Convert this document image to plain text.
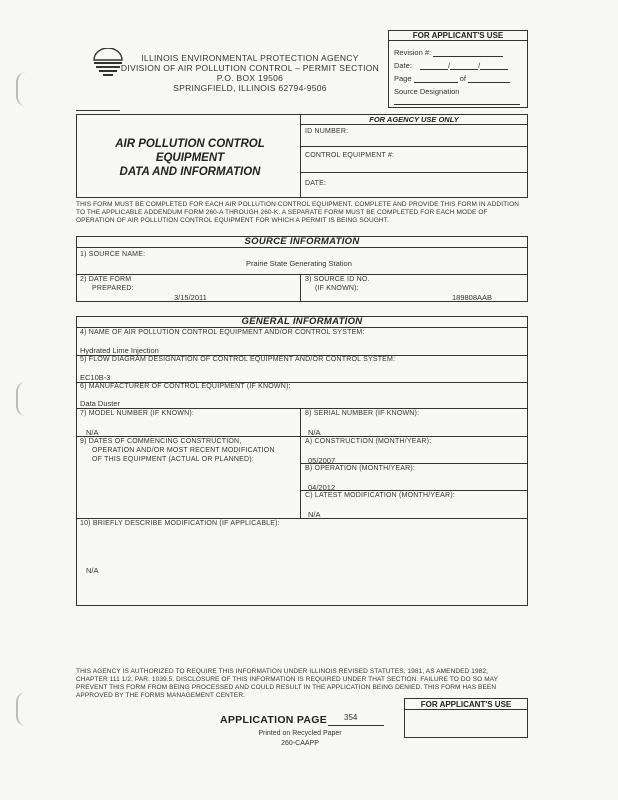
ILLINOIS ENVIRONMENTAL PROTECTION AGENCY
DIVISION OF AIR POLLUTION CONTROL – PERMIT SECTION
P.O. BOX 19506
SPRINGFIELD, ILLINOIS 62794-9506
FOR APPLICANT'S USE
Revision #:
Date:	/	/
Page	of
Source Designation
AIR POLLUTION CONTROL
EQUIPMENT
DATA AND INFORMATION
FOR AGENCY USE ONLY
ID NUMBER:
CONTROL EQUIPMENT #:
DATE:
THIS FORM MUST BE COMPLETED FOR EACH AIR POLLUTION CONTROL EQUIPMENT. COMPLETE AND PROVIDE THIS FORM IN ADDITION
TO THE APPLICABLE ADDENDUM FORM 260-A THROUGH 260-K. A SEPARATE FORM MUST BE COMPLETED FOR EACH MODE OF
OPERATION OF AIR POLLUTION CONTROL EQUIPMENT FOR WHICH A PERMIT IS BEING SOUGHT.
SOURCE INFORMATION
1) SOURCE NAME:
Prairie State Generating Station
2) DATE FORM
PREPARED:
3/15/2011
3) SOURCE ID NO.
(IF KNOWN):
189808AAB
GENERAL INFORMATION
4) NAME OF AIR POLLUTION CONTROL EQUIPMENT AND/OR CONTROL SYSTEM:
Hydrated Lime Injection
5) FLOW DIAGRAM DESIGNATION OF CONTROL EQUIPMENT AND/OR CONTROL SYSTEM:
EC10B-3
6) MANUFACTURER OF CONTROL EQUIPMENT (IF KNOWN):
Data Duster
7) MODEL NUMBER (IF KNOWN):
N/A
8) SERIAL NUMBER (IF KNOWN):
N/A
9) DATES OF COMMENCING CONSTRUCTION,
OPERATION AND/OR MOST RECENT MODIFICATION
OF THIS EQUIPMENT (ACTUAL OR PLANNED):
A) CONSTRUCTION (MONTH/YEAR):
05/2007
B) OPERATION (MONTH/YEAR):
04/2012
C) LATEST MODIFICATION (MONTH/YEAR):
N/A
10) BRIEFLY DESCRIBE MODIFICATION (IF APPLICABLE):
N/A
THIS AGENCY IS AUTHORIZED TO REQUIRE THIS INFORMATION UNDER ILLINOIS REVISED STATUTES, 1981, AS AMENDED 1982,
CHAPTER 111 1/2, PAR. 1039.5. DISCLOSURE OF THIS INFORMATION IS REQUIRED UNDER THAT SECTION. FAILURE TO DO SO MAY
PREVENT THIS FORM FROM BEING PROCESSED AND COULD RESULT IN THE APPLICATION BEING DENIED. THIS FORM HAS BEEN
APPROVED BY THE FORMS MANAGEMENT CENTER.
APPLICATION PAGE 354
FOR APPLICANT'S USE
Printed on Recycled Paper
260-CAAPP
